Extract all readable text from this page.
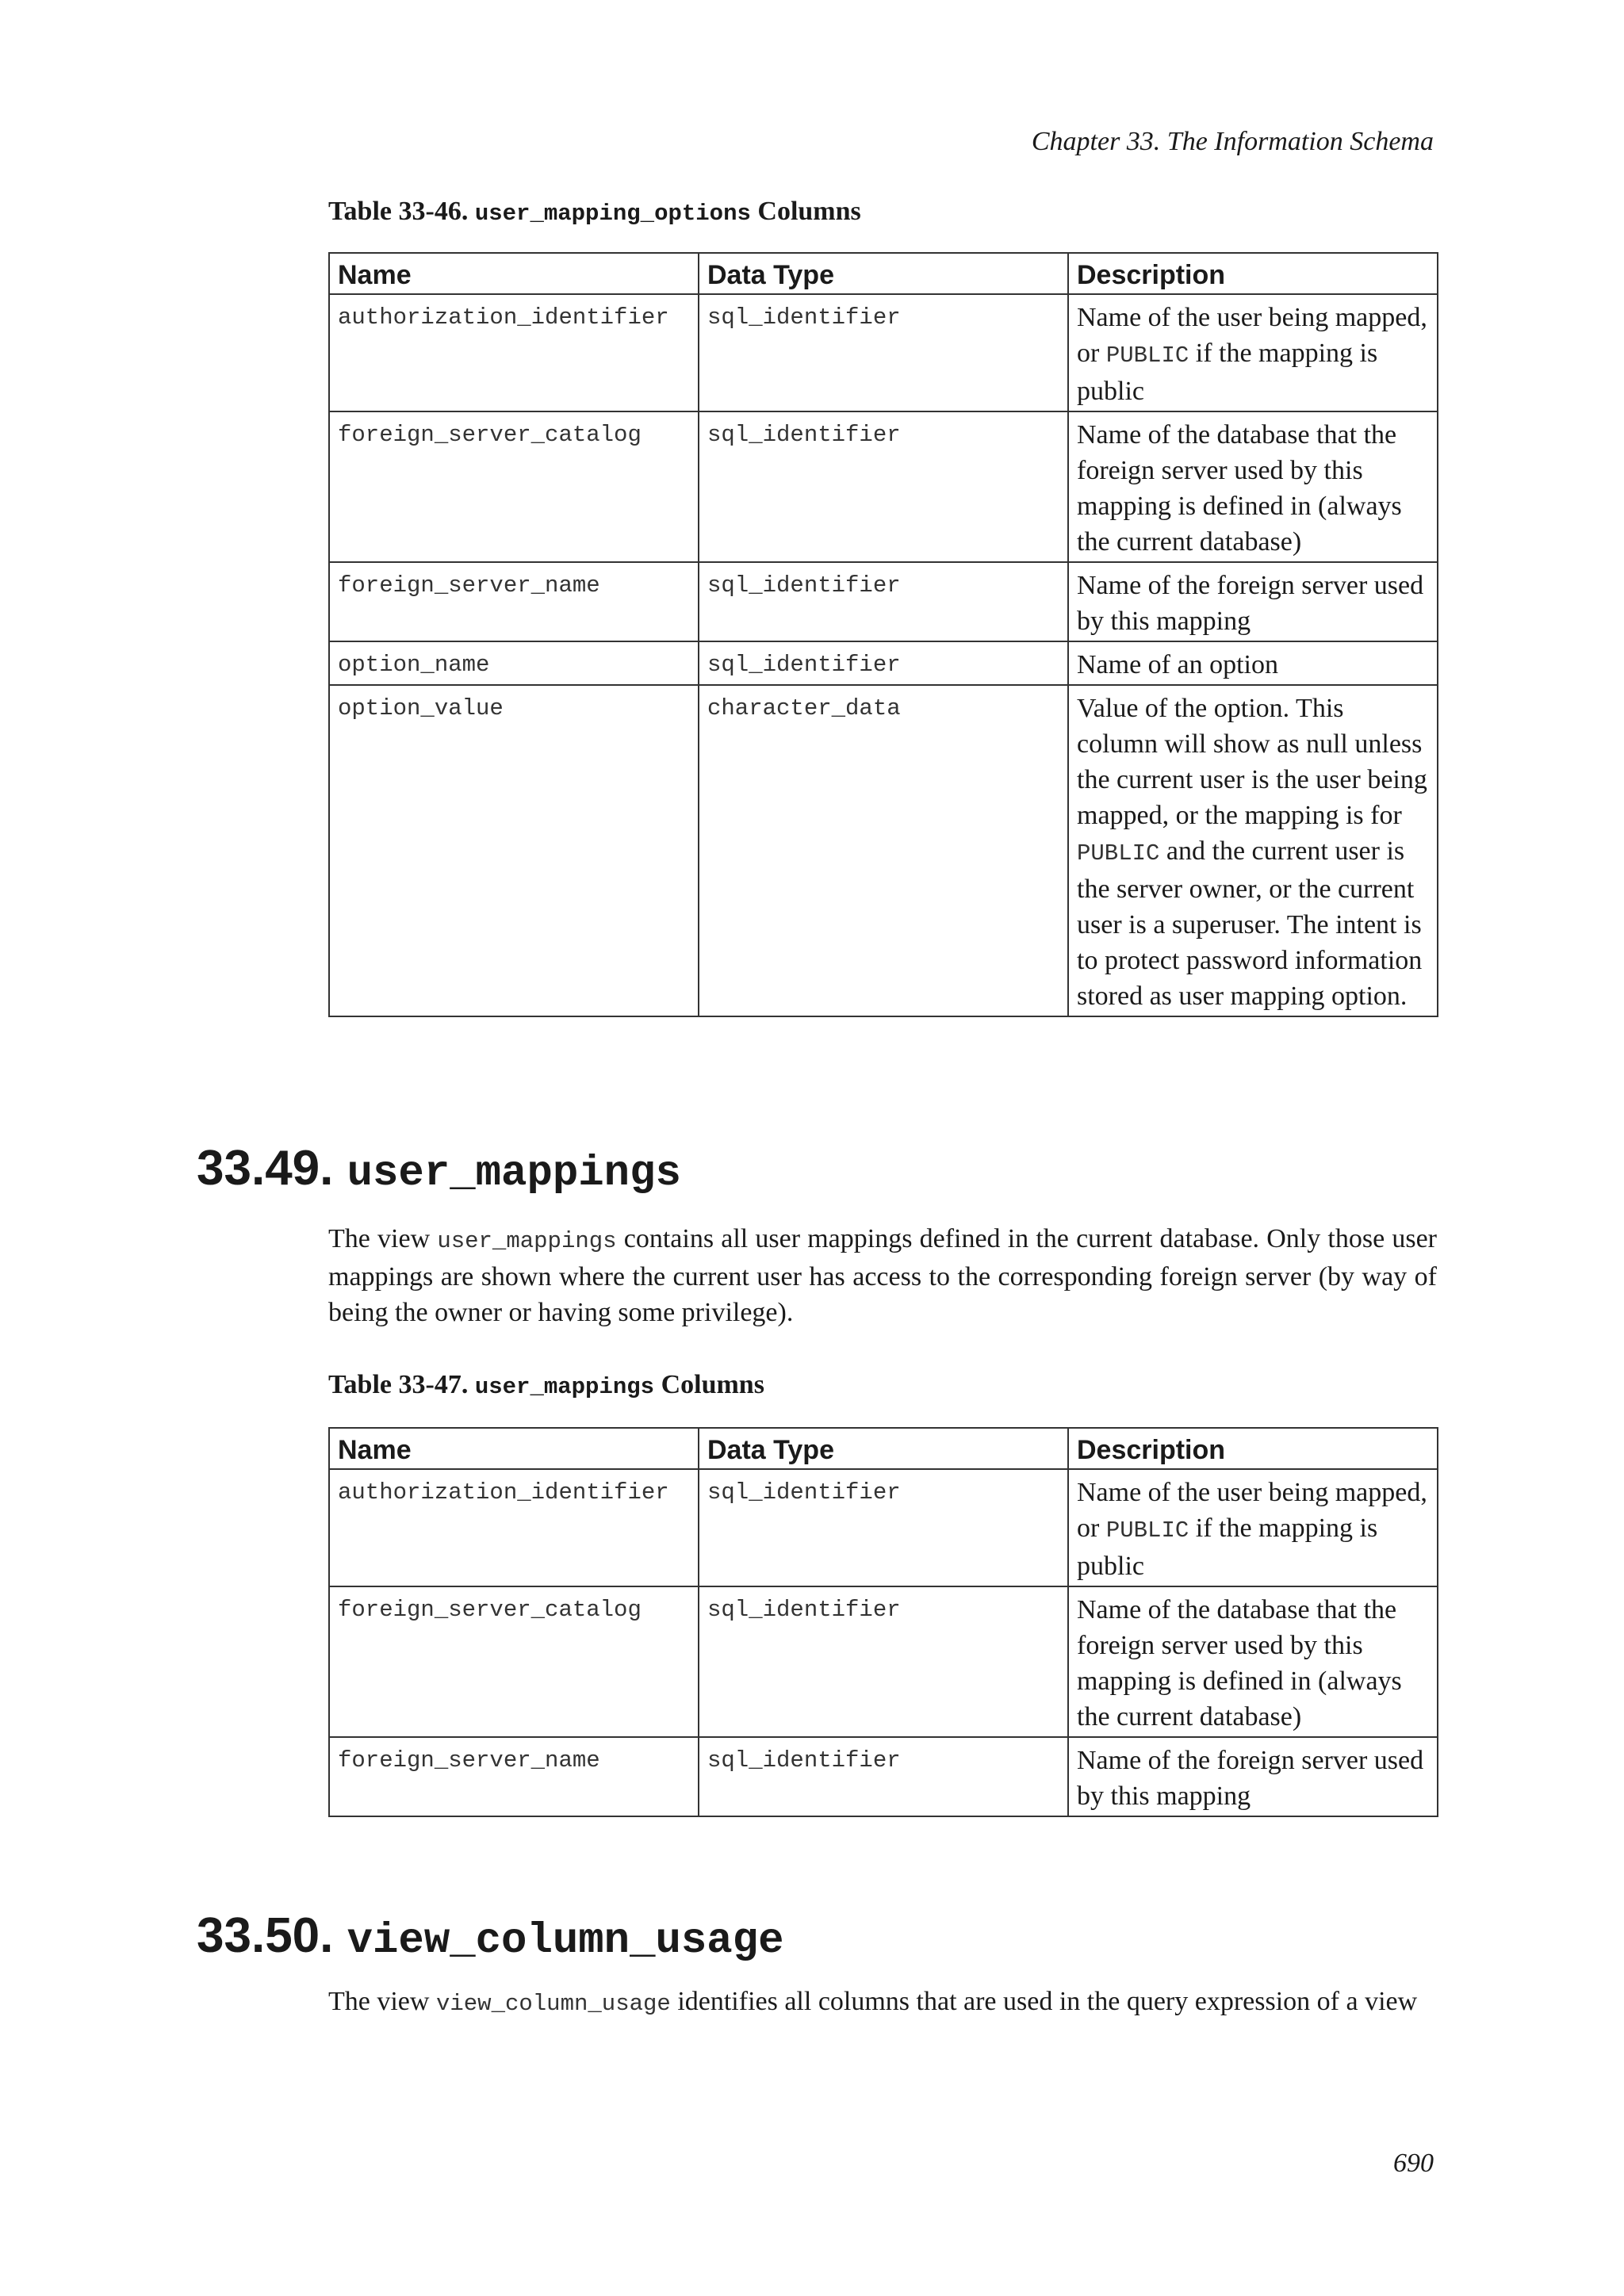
Chapter 33. The Information Schema
Table 33-46. user_mapping_options Columns
Name	Data Type	Description
authorization_identifier	sql_identifier	Name of the user being mapped, or PUBLIC if the mapping is public
foreign_server_catalog	sql_identifier	Name of the database that the foreign server used by this mapping is defined in (always the current database)
foreign_server_name	sql_identifier	Name of the foreign server used by this mapping
option_name	sql_identifier	Name of an option
option_value	character_data	Value of the option. This column will show as null unless the current user is the user being mapped, or the mapping is for PUBLIC and the current user is the server owner, or the current user is a superuser. The intent is to protect password information stored as user mapping option.
33.49. user_mappings

The view user_mappings contains all user mappings defined in the current database. Only those user mappings are shown where the current user has access to the corresponding foreign server (by way of being the owner or having some privilege).

Table 33-47. user_mappings Columns
Name	Data Type	Description
authorization_identifier	sql_identifier	Name of the user being mapped, or PUBLIC if the mapping is public
foreign_server_catalog	sql_identifier	Name of the database that the foreign server used by this mapping is defined in (always the current database)
foreign_server_name	sql_identifier	Name of the foreign server used by this mapping
33.50. view_column_usage

The view view_column_usage identifies all columns that are used in the query expression of a view

690
